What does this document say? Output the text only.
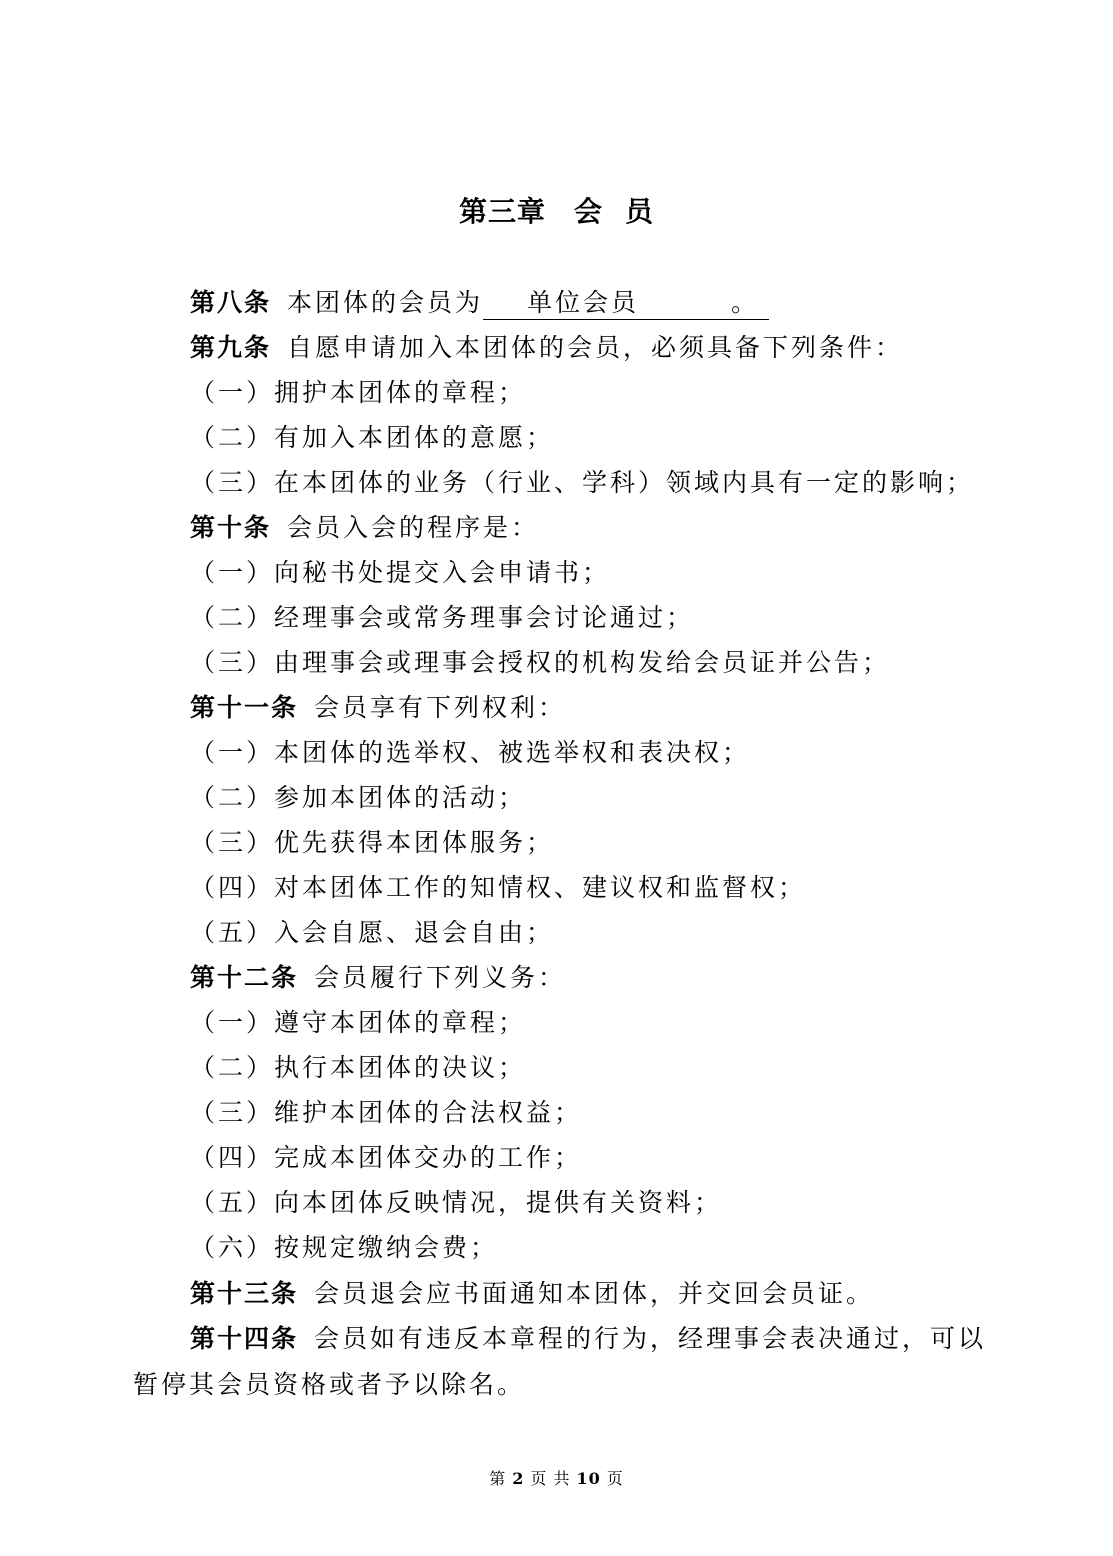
第三章 会 员
第八条 本团体的会员为 单位会员	。
第九条 自愿申请加入本团体的会员，必须具备下列条件：
（一）拥护本团体的章程；
（二）有加入本团体的意愿；
（三）在本团体的业务（行业、学科）领域内具有一定的影响；
第十条 会员入会的程序是：
（一）向秘书处提交入会申请书；
（二）经理事会或常务理事会讨论通过；
（三）由理事会或理事会授权的机构发给会员证并公告；
第十一条 会员享有下列权利：
（一）本团体的选举权、被选举权和表决权；
（二）参加本团体的活动；
（三）优先获得本团体服务；
（四）对本团体工作的知情权、建议权和监督权；
（五）入会自愿、退会自由；
第十二条 会员履行下列义务：
（一）遵守本团体的章程；
（二）执行本团体的决议；
（三）维护本团体的合法权益；
（四）完成本团体交办的工作；
（五）向本团体反映情况，提供有关资料；
（六）按规定缴纳会费；
第十三条 会员退会应书面通知本团体，并交回会员证。
第十四条 会员如有违反本章程的行为，经理事会表决通过，可以
暂停其会员资格或者予以除名。
第 2 页 共 10 页
